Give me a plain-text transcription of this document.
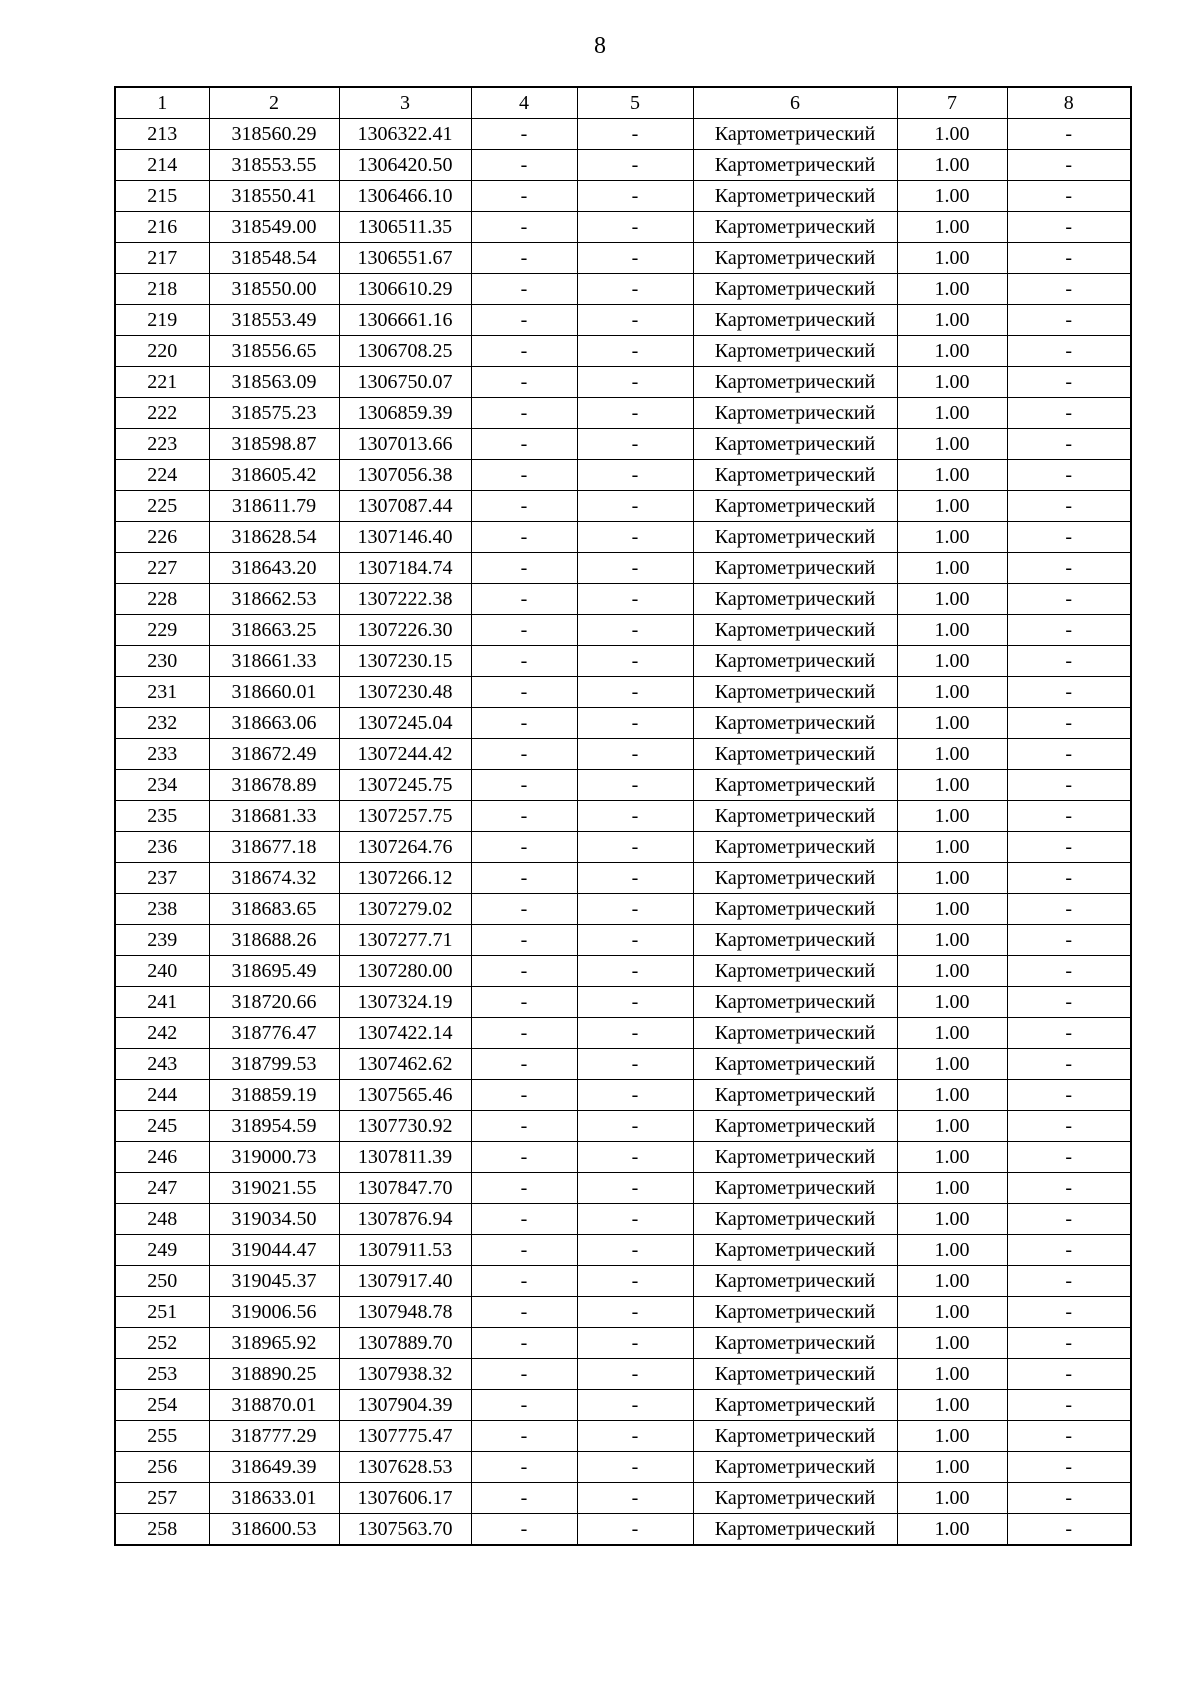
8
1	2	3	4	5	6	7	8
213	318560.29	1306322.41	-	-	Картометрический	1.00	-
214	318553.55	1306420.50	-	-	Картометрический	1.00	-
215	318550.41	1306466.10	-	-	Картометрический	1.00	-
216	318549.00	1306511.35	-	-	Картометрический	1.00	-
217	318548.54	1306551.67	-	-	Картометрический	1.00	-
218	318550.00	1306610.29	-	-	Картометрический	1.00	-
219	318553.49	1306661.16	-	-	Картометрический	1.00	-
220	318556.65	1306708.25	-	-	Картометрический	1.00	-
221	318563.09	1306750.07	-	-	Картометрический	1.00	-
222	318575.23	1306859.39	-	-	Картометрический	1.00	-
223	318598.87	1307013.66	-	-	Картометрический	1.00	-
224	318605.42	1307056.38	-	-	Картометрический	1.00	-
225	318611.79	1307087.44	-	-	Картометрический	1.00	-
226	318628.54	1307146.40	-	-	Картометрический	1.00	-
227	318643.20	1307184.74	-	-	Картометрический	1.00	-
228	318662.53	1307222.38	-	-	Картометрический	1.00	-
229	318663.25	1307226.30	-	-	Картометрический	1.00	-
230	318661.33	1307230.15	-	-	Картометрический	1.00	-
231	318660.01	1307230.48	-	-	Картометрический	1.00	-
232	318663.06	1307245.04	-	-	Картометрический	1.00	-
233	318672.49	1307244.42	-	-	Картометрический	1.00	-
234	318678.89	1307245.75	-	-	Картометрический	1.00	-
235	318681.33	1307257.75	-	-	Картометрический	1.00	-
236	318677.18	1307264.76	-	-	Картометрический	1.00	-
237	318674.32	1307266.12	-	-	Картометрический	1.00	-
238	318683.65	1307279.02	-	-	Картометрический	1.00	-
239	318688.26	1307277.71	-	-	Картометрический	1.00	-
240	318695.49	1307280.00	-	-	Картометрический	1.00	-
241	318720.66	1307324.19	-	-	Картометрический	1.00	-
242	318776.47	1307422.14	-	-	Картометрический	1.00	-
243	318799.53	1307462.62	-	-	Картометрический	1.00	-
244	318859.19	1307565.46	-	-	Картометрический	1.00	-
245	318954.59	1307730.92	-	-	Картометрический	1.00	-
246	319000.73	1307811.39	-	-	Картометрический	1.00	-
247	319021.55	1307847.70	-	-	Картометрический	1.00	-
248	319034.50	1307876.94	-	-	Картометрический	1.00	-
249	319044.47	1307911.53	-	-	Картометрический	1.00	-
250	319045.37	1307917.40	-	-	Картометрический	1.00	-
251	319006.56	1307948.78	-	-	Картометрический	1.00	-
252	318965.92	1307889.70	-	-	Картометрический	1.00	-
253	318890.25	1307938.32	-	-	Картометрический	1.00	-
254	318870.01	1307904.39	-	-	Картометрический	1.00	-
255	318777.29	1307775.47	-	-	Картометрический	1.00	-
256	318649.39	1307628.53	-	-	Картометрический	1.00	-
257	318633.01	1307606.17	-	-	Картометрический	1.00	-
258	318600.53	1307563.70	-	-	Картометрический	1.00	-
